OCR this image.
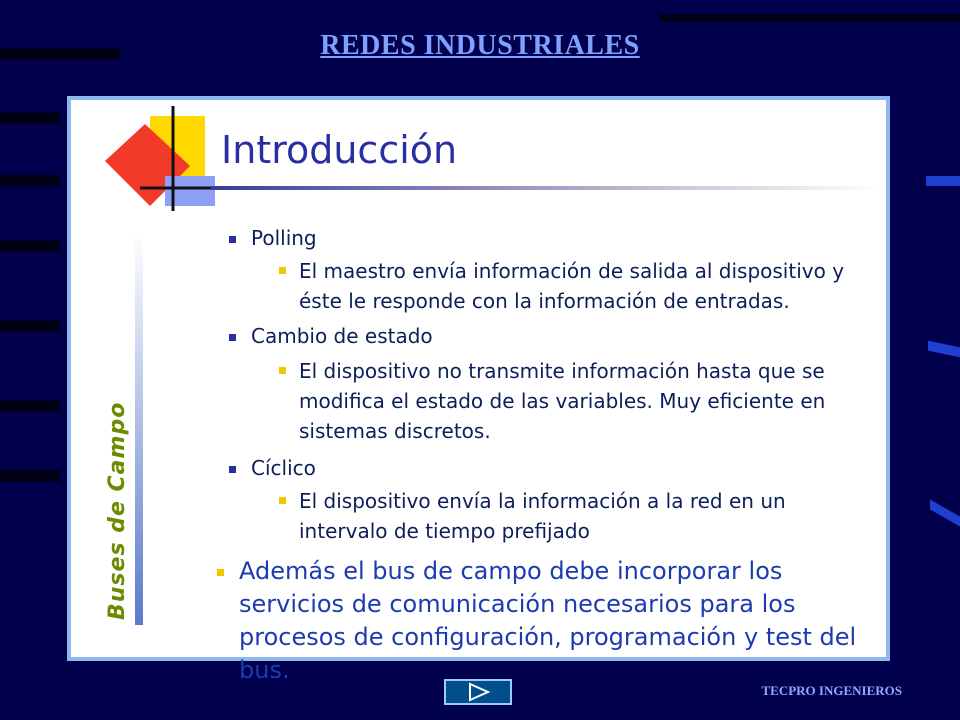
REDES INDUSTRIALES
Introducción
Buses de Campo
Polling
El maestro envía información de salida al dispositivo y éste le responde con la información de entradas.
Cambio de estado
El dispositivo no transmite información hasta que se modifica el estado de las variables. Muy eficiente en sistemas discretos.
Cíclico
El dispositivo envía la información a la red en un intervalo de tiempo prefijado
Además el bus de campo debe incorporar los servicios de comunicación necesarios para los procesos de configuración, programación y test del bus.
TECPRO INGENIEROS
